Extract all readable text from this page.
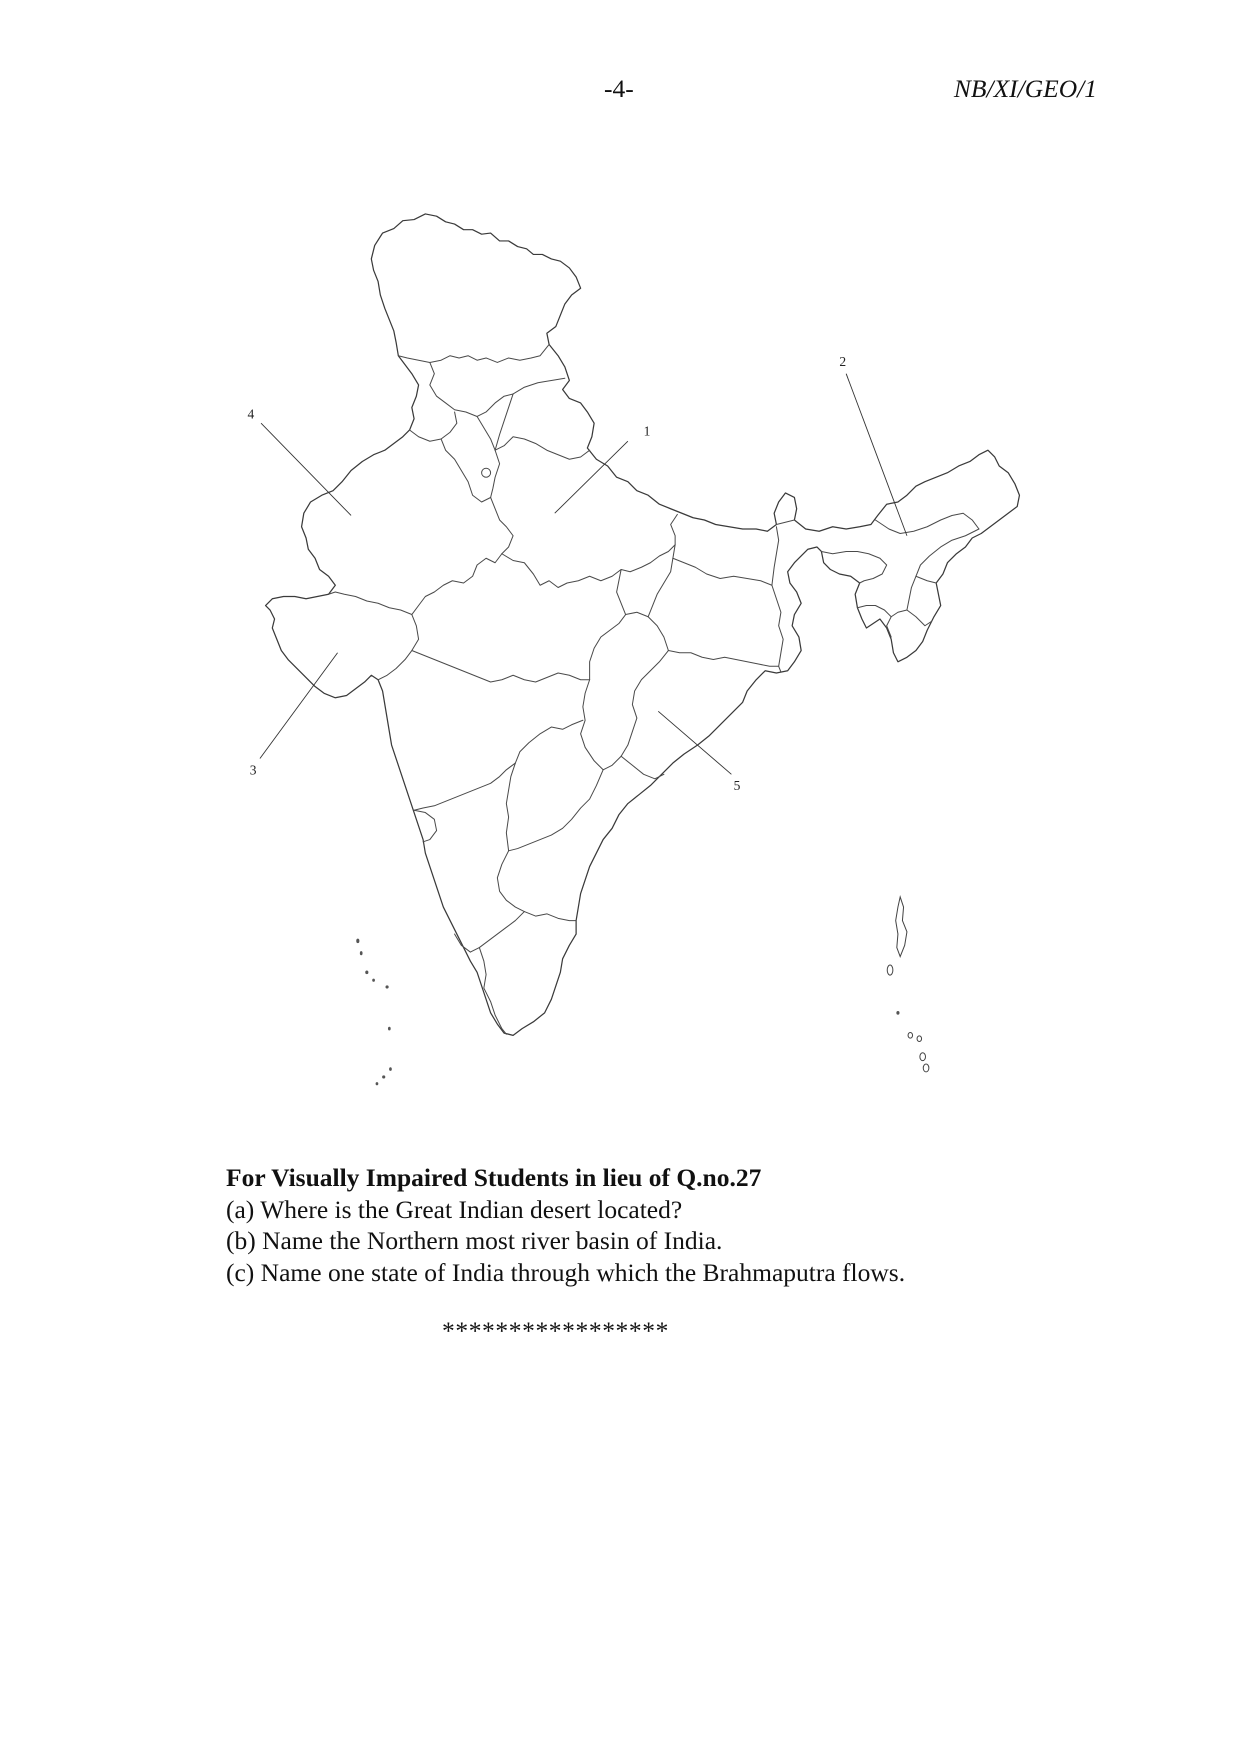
-4-	NB/XI/GEO/1
1
2
3
4
5
For Visually Impaired Students in lieu of Q.no.27
(a) Where is the Great Indian desert located?
(b) Name the Northern most river basin of India.
(c) Name one state of India through which the Brahmaputra flows.
*****************
